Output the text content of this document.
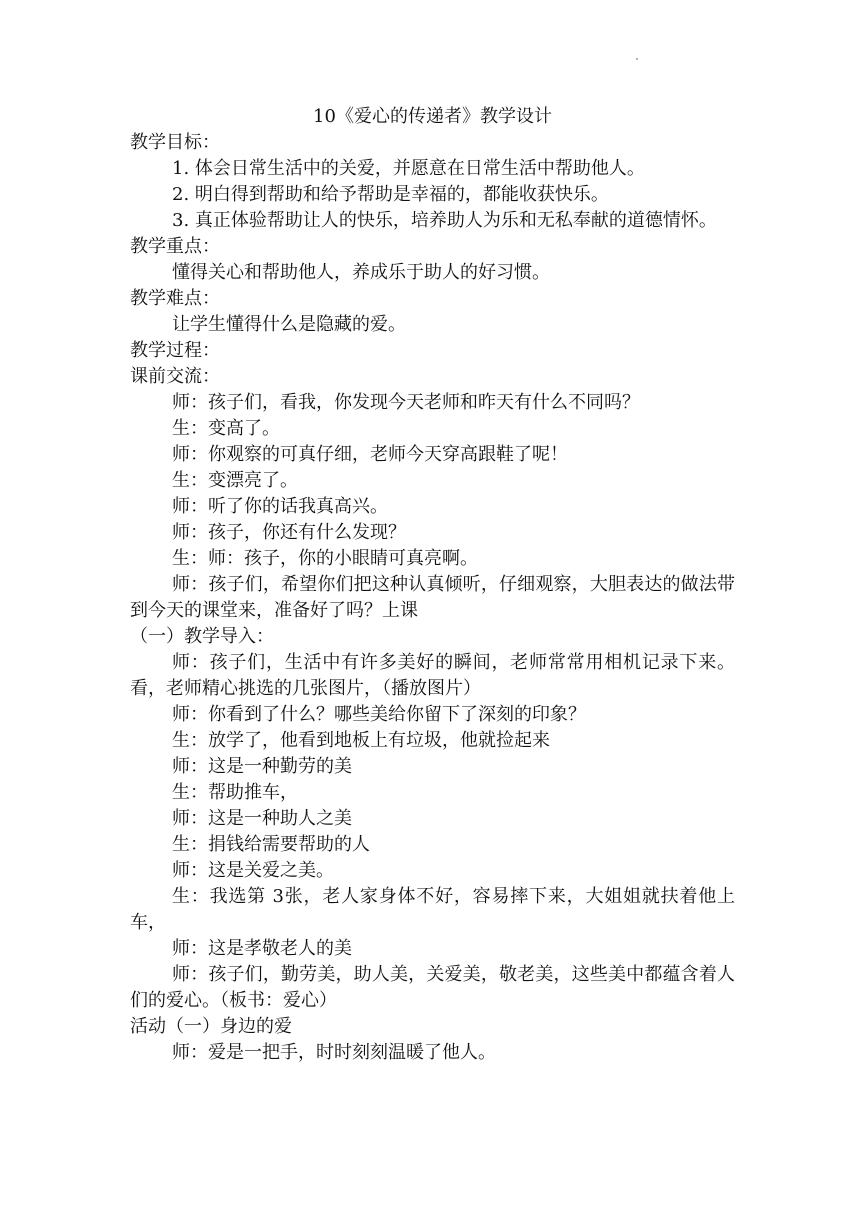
10《爱心的传递者》教学设计

教学目标：

1. 体会日常生活中的关爱，并愿意在日常生活中帮助他人。

2. 明白得到帮助和给予帮助是幸福的，都能收获快乐。

3. 真正体验帮助让人的快乐，培养助人为乐和无私奉献的道德情怀。

教学重点：

懂得关心和帮助他人，养成乐于助人的好习惯。

教学难点：

让学生懂得什么是隐藏的爱。

教学过程：

课前交流：

师：孩子们，看我，你发现今天老师和昨天有什么不同吗？

生：变高了。

师：你观察的可真仔细，老师今天穿高跟鞋了呢！

生：变漂亮了。

师：听了你的话我真高兴。

师：孩子，你还有什么发现？

生：师：孩子，你的小眼睛可真亮啊。

师：孩子们，希望你们把这种认真倾听，仔细观察，大胆表达的做法带到今天的课堂来，准备好了吗？上课

（一）教学导入：

师：孩子们，生活中有许多美好的瞬间，老师常常用相机记录下来。看，老师精心挑选的几张图片，（播放图片）

师：你看到了什么？哪些美给你留下了深刻的印象？

生：放学了，他看到地板上有垃圾，他就捡起来

师：这是一种勤劳的美

生：帮助推车，

师：这是一种助人之美

生：捐钱给需要帮助的人

师：这是关爱之美。

生：我选第 3张，老人家身体不好，容易摔下来，大姐姐就扶着他上车，

师：这是孝敬老人的美

师：孩子们，勤劳美，助人美，关爱美，敬老美，这些美中都蕴含着人们的爱心。（板书：爱心）

活动（一）身边的爱

师：爱是一把手，时时刻刻温暖了他人。
